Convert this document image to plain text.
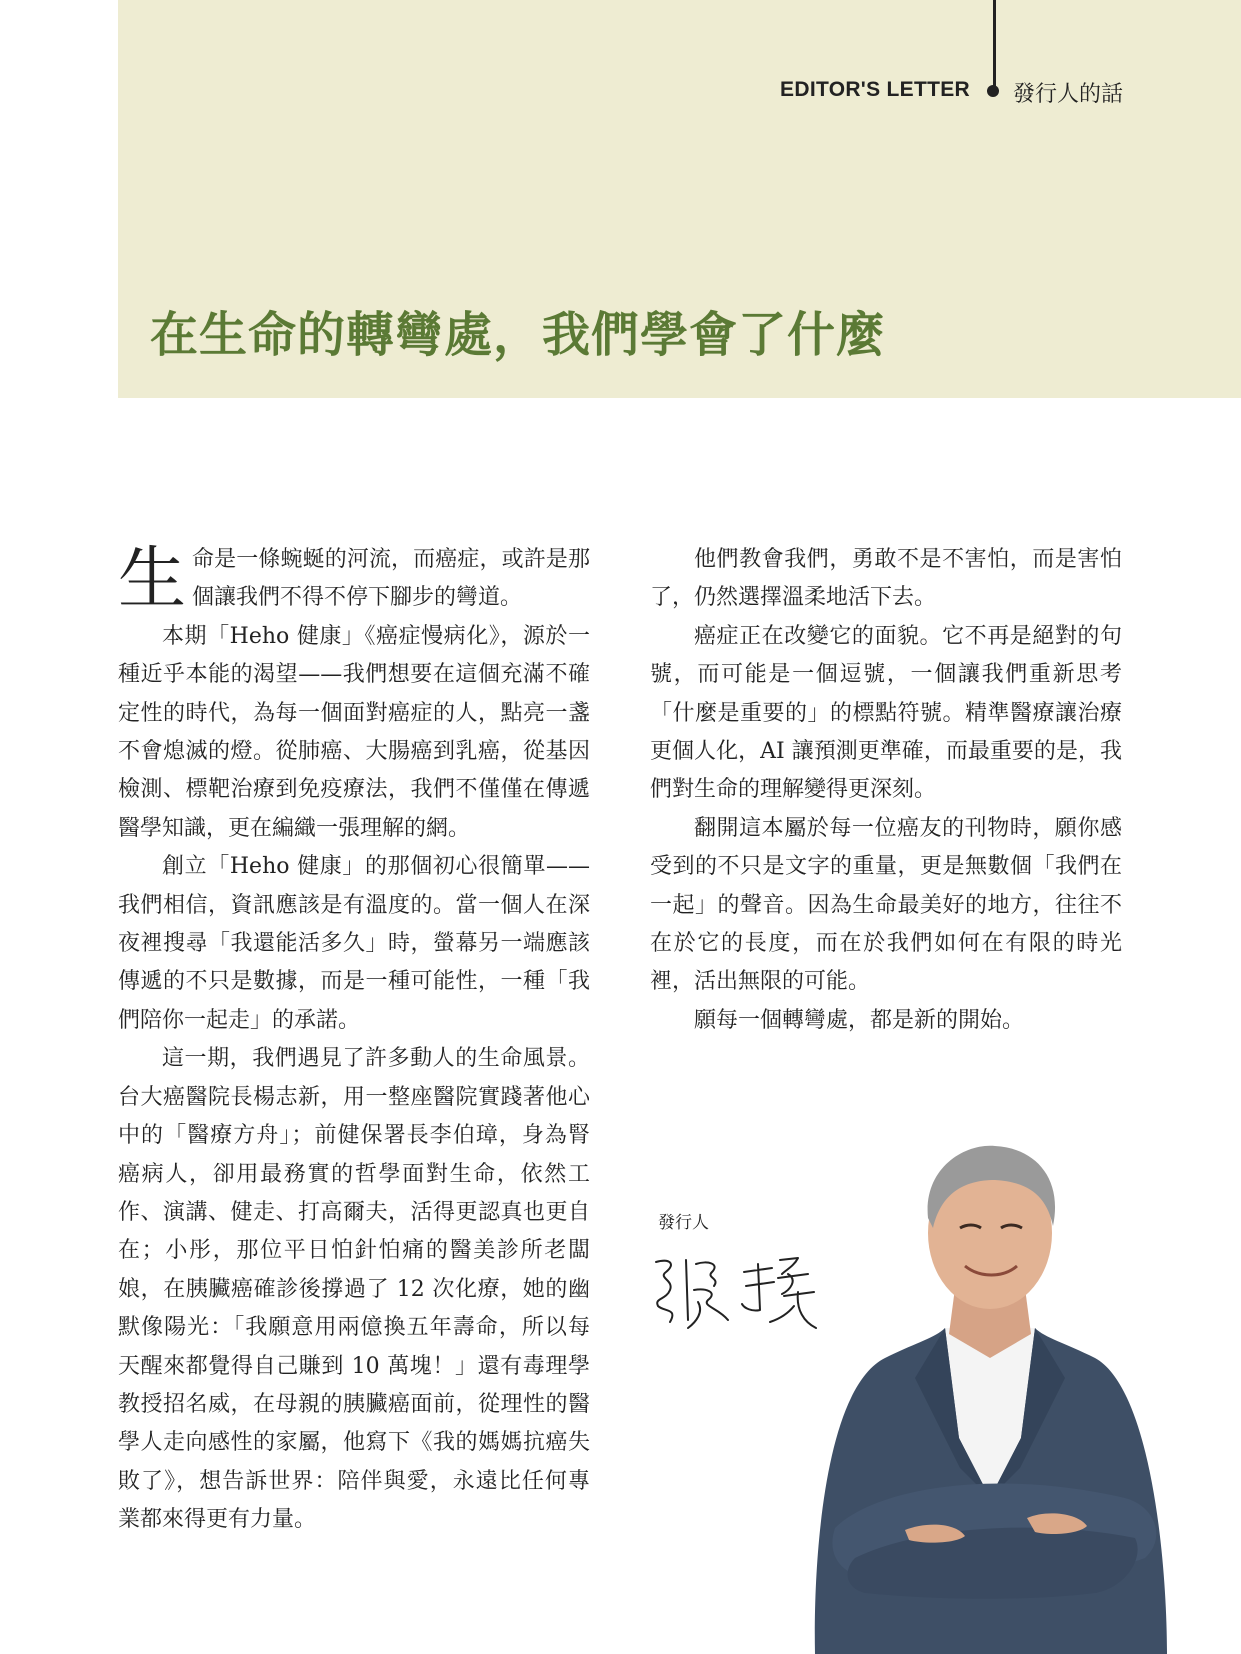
EDITOR'S LETTER 發行人的話
在生命的轉彎處，我們學會了什麼

生命是一條蜿蜒的河流，而癌症，或許是那個讓我們不得不停下腳步的彎道。

本期「Heho 健康」《癌症慢病化》，源於一種近乎本能的渴望——我們想要在這個充滿不確定性的時代，為每一個面對癌症的人，點亮一盞不會熄滅的燈。從肺癌、大腸癌到乳癌，從基因檢測、標靶治療到免疫療法，我們不僅僅在傳遞醫學知識，更在編織一張理解的網。

創立「Heho 健康」的那個初心很簡單——我們相信，資訊應該是有溫度的。當一個人在深夜裡搜尋「我還能活多久」時，螢幕另一端應該傳遞的不只是數據，而是一種可能性，一種「我們陪你一起走」的承諾。

這一期，我們遇見了許多動人的生命風景。台大癌醫院長楊志新，用一整座醫院實踐著他心中的「醫療方舟」；前健保署長李伯璋，身為腎癌病人，卻用最務實的哲學面對生命，依然工作、演講、健走、打高爾夫，活得更認真也更自在；小彤，那位平日怕針怕痛的醫美診所老闆娘，在胰臟癌確診後撐過了 12 次化療，她的幽默像陽光：「我願意用兩億換五年壽命，所以每天醒來都覺得自己賺到 10 萬塊！」還有毒理學教授招名威，在母親的胰臟癌面前，從理性的醫學人走向感性的家屬，他寫下《我的媽媽抗癌失敗了》，想告訴世界：陪伴與愛，永遠比任何專業都來得更有力量。

他們教會我們，勇敢不是不害怕，而是害怕了，仍然選擇溫柔地活下去。

癌症正在改變它的面貌。它不再是絕對的句號，而可能是一個逗號，一個讓我們重新思考「什麼是重要的」的標點符號。精準醫療讓治療更個人化，AI 讓預測更準確，而最重要的是，我們對生命的理解變得更深刻。

翻開這本屬於每一位癌友的刊物時，願你感受到的不只是文字的重量，更是無數個「我們在一起」的聲音。因為生命最美好的地方，往往不在於它的長度，而在於我們如何在有限的時光裡，活出無限的可能。

願每一個轉彎處，都是新的開始。

發行人
